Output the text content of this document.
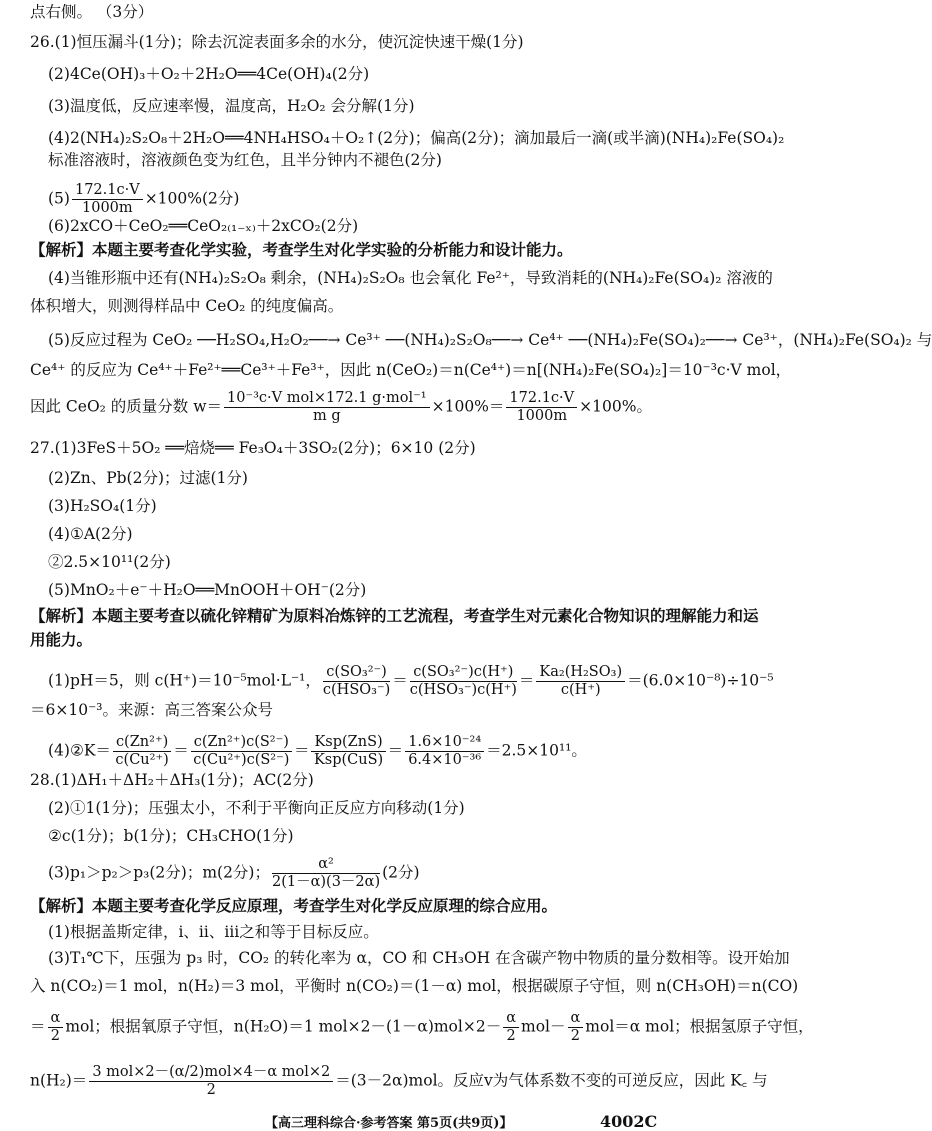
点右侧。 （3分）
26.(1)恒压漏斗(1分)；除去沉淀表面多余的水分，使沉淀快速干燥(1分)
(2)4Ce(OH)₃＋O₂＋2H₂O══4Ce(OH)₄(2分)
(3)温度低，反应速率慢，温度高，H₂O₂ 会分解(1分)
(4)2(NH₄)₂S₂O₈＋2H₂O══4NH₄HSO₄＋O₂↑(2分)；偏高(2分)；滴加最后一滴(或半滴)(NH₄)₂Fe(SO₄)₂
标准溶液时，溶液颜色变为红色，且半分钟内不褪色(2分)
$(5) \frac{172.1c\cdot V}{1000m} \times 100\%(2$分)
(6)2xCO＋CeO₂══CeO₂₍₁₋ₓ₎＋2xCO₂(2分)
【解析】本题主要考查化学实验，考查学生对化学实验的分析能力和设计能力。
(4)当锥形瓶中还有(NH₄)₂S₂O₈ 剩余，(NH₄)₂S₂O₈ 也会氧化 Fe²⁺，导致消耗的(NH₄)₂Fe(SO₄)₂ 溶液的
体积增大，则测得样品中 CeO₂ 的纯度偏高。
(5)反应过程为 CeO₂ ──H₂SO₄,H₂O₂──→ Ce³⁺ ──(NH₄)₂S₂O₈──→ Ce⁴⁺ ──(NH₄)₂Fe(SO₄)₂──→ Ce³⁺，(NH₄)₂Fe(SO₄)₂ 与
Ce⁴⁺ 的反应为 Ce⁴⁺＋Fe²⁺══Ce³⁺＋Fe³⁺，因此 n(CeO₂)＝n(Ce⁴⁺)＝n[(NH₄)₂Fe(SO₄)₂]＝10⁻³c·V mol，
因此 CeO₂ 的质量分数 $w= \frac{\text{10⁻³c·V mol×172.1 g·mol⁻¹}}{\text{m g}} \times 100\%= \frac{172.1c\cdot V}{1000m} \times 100\%$。
27.(1)3FeS＋5O₂ ══焙烧══ Fe₃O₄＋3SO₂(2分)；6×10 (2分)
(2)Zn、Pb(2分)；过滤(1分)
(3)H₂SO₄(1分)
(4)①A(2分)
②2.5×10¹¹(2分)
(5)MnO₂＋e⁻＋H₂O══MnOOH＋OH⁻(2分)
【解析】本题主要考查以硫化锌精矿为原料冶炼锌的工艺流程，考查学生对元素化合物知识的理解能力和运
用能力。
(1)pH＝5，则 c(H⁺)＝10⁻⁵mol·L⁻¹， $\frac{\text{c(SO₃²⁻)}}{\text{c(HSO₃⁻)}} = \frac{\text{c(SO₃²⁻)c(H⁺)}}{\text{c(HSO₃⁻)c(H⁺)}} = \frac{\text{Ka₂(H₂SO₃)}}{c(H^+)} =(6.0\times 10^{-8})\div 10^{-5}$
＝6×10⁻³。来源：高三答案公众号
(4)②K＝ $\frac{\text{c(Zn²⁺)}}{\text{c(Cu²⁺)}} = \frac{\text{c(Zn²⁺)c(S²⁻)}}{\text{c(Cu²⁺)c(S²⁻)}} = \frac{\text{Ksp(ZnS)}}{\text{Ksp(CuS)}} = \frac{\text{1.6×10⁻²⁴}}{\text{6.4×10⁻³⁶}} =2.5\times 10^{11}$。
28.(1)ΔH₁＋ΔH₂＋ΔH₃(1分)；AC(2分)
(2)①1(1分)；压强太小，不利于平衡向正反应方向移动(1分)
②c(1分)；b(1分)；CH₃CHO(1分)
(3)p₁＞p₂＞p₃(2分)；m(2分)； $\frac{\text{α²}}{2(1-\alpha)(3-2\alpha)} (2$分)
【解析】本题主要考查化学反应原理，考查学生对化学反应原理的综合应用。
(1)根据盖斯定律，ⅰ、ⅱ、ⅲ之和等于目标反应。
(3)T₁℃下，压强为 p₃ 时，CO₂ 的转化率为 α，CO 和 CH₃OH 在含碳产物中物质的量分数相等。设开始加
入 n(CO₂)＝1 mol，n(H₂)＝3 mol，平衡时 n(CO₂)＝(1－α) mol，根据碳原子守恒，则 n(CH₃OH)＝n(CO)
＝ $\frac{\alpha}{2}$ mol；根据氧原子守恒，n(H₂O)＝1 $mol\times 2-(1-\alpha)mol\times 2- \frac{\alpha}{2} mol- \frac{\alpha}{2} mol=\alpha$ mol；根据氢原子守恒，
$n(H_2)= \frac{\text{3 mol×2－(α/2)mol×4－α mol×2}}{2} =(3-2\alpha)mol$。反应ⅴ为气体系数不变的可逆反应，因此 K꜀ 与
【高三理科综合·参考答案 第5页(共9页)】	4002C
